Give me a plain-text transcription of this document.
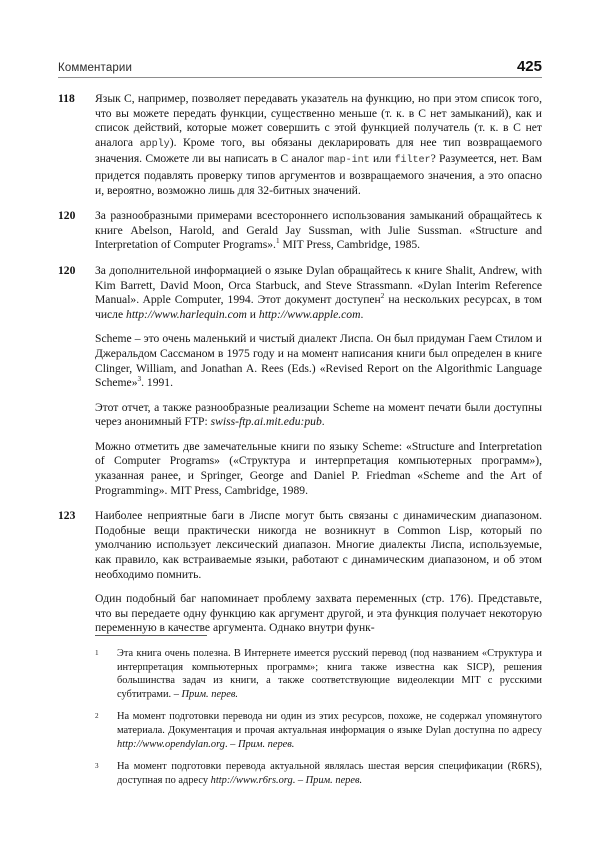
Комментарии	425
118	Язык C, например, позволяет передавать указатель на функцию, но при этом список того, что вы можете передать функции, существенно меньше (т. к. в C нет замыканий), как и список действий, которые может совершить с этой функцией получатель (т. к. в C нет аналога apply). Кроме того, вы обязаны декларировать для нее тип возвращаемого значения. Сможете ли вы написать в C аналог map-int или filter? Разумеется, нет. Вам придется подавлять проверку типов аргументов и возвращаемого значения, а это опасно и, вероятно, возможно лишь для 32-битных значений.

120	За разнообразными примерами всестороннего использования замыканий обращайтесь к книге Abelson, Harold, and Gerald Jay Sussman, with Julie Sussman. «Structure and Interpretation of Computer Programs».$^1$ MIT Press, Cambridge, 1985.

120	За дополнительной информацией о языке Dylan обращайтесь к книге Shalit, Andrew, with Kim Barrett, David Moon, Orca Starbuck, and Steve Strassmann. «Dylan Interim Reference Manual». Apple Computer, 1994. Этот документ доступен$^2$ на нескольких ресурсах, в том числе http://www.harlequin.com и http://www.apple.com.

Scheme – это очень маленький и чистый диалект Лиспа. Он был придуман Гаем Стилом и Джеральдом Сассманом в 1975 году и на момент написания книги был определен в книге Clinger, William, and Jonathan A. Rees (Eds.) «Revised Report on the Algorithmic Language Scheme»$^3$. 1991.

Этот отчет, а также разнообразные реализации Scheme на момент печати были доступны через анонимный FTP: swiss-ftp.ai.mit.edu:pub.

Можно отметить две замечательные книги по языку Scheme: «Structure and Interpretation of Computer Programs» («Структура и интерпретация компьютерных программ»), указанная ранее, и Springer, George and Daniel P. Friedman «Scheme and the Art of Programming». MIT Press, Cambridge, 1989.

123	Наиболее неприятные баги в Лиспе могут быть связаны с динамическим диапазоном. Подобные вещи практически никогда не возникнут в Common Lisp, который по умолчанию использует лексический диапазон. Многие диалекты Лиспа, используемые, как правило, как встраиваемые языки, работают с динамическим диапазоном, и об этом необходимо помнить.

Один подобный баг напоминает проблему захвата переменных (стр. 176). Представьте, что вы передаете одну функцию как аргумент другой, и эта функция получает некоторую переменную в качестве аргумента. Однако внутри функ-

1	Эта книга очень полезна. В Интернете имеется русский перевод (под названием «Структура и интерпретация компьютерных программ»; книга также известна как SICP), решения большинства задач из книги, а также соответствующие видеолекции MIT с русскими субтитрами. – Прим. перев.
2	На момент подготовки перевода ни один из этих ресурсов, похоже, не содержал упомянутого материала. Документация и прочая актуальная информация о языке Dylan доступна по адресу http://www.opendylan.org. – Прим. перев.
3	На момент подготовки перевода актуальной являлась шестая версия спецификации (R6RS), доступная по адресу http://www.r6rs.org. – Прим. перев.
